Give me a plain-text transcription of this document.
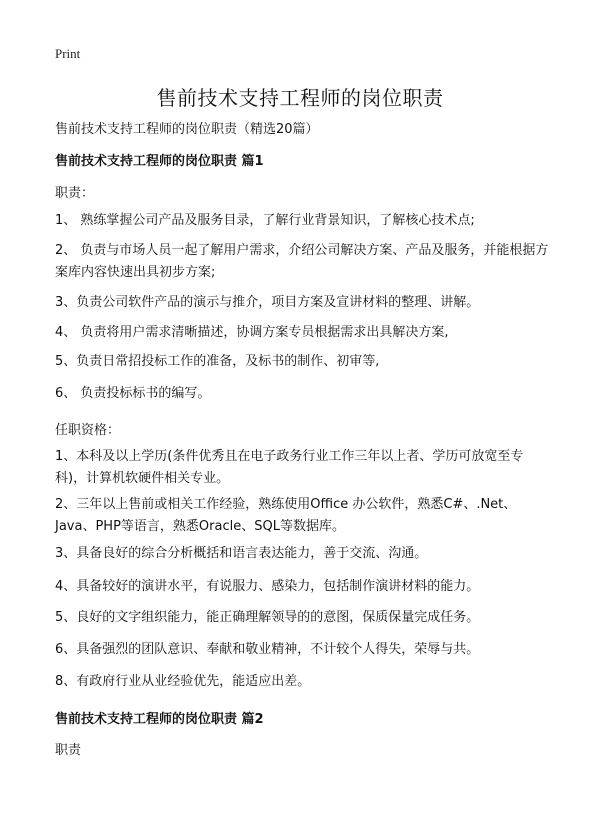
Print
售前技术支持工程师的岗位职责
售前技术支持工程师的岗位职责（精选20篇）
售前技术支持工程师的岗位职责 篇1
职责：
1、 熟练掌握公司产品及服务目录，了解行业背景知识，了解核心技术点;
2、 负责与市场人员一起了解用户需求，介绍公司解决方案、产品及服务，并能根据方案库内容快速出具初步方案;
3、负责公司软件产品的演示与推介，项目方案及宣讲材料的整理、讲解。
4、 负责将用户需求清晰描述，协调方案专员根据需求出具解决方案,
5、负责日常招投标工作的准备，及标书的制作、初审等,
6、 负责投标标书的编写。
任职资格：
1、本科及以上学历(条件优秀且在电子政务行业工作三年以上者、学历可放宽至专科)，计算机软硬件相关专业。
2、三年以上售前或相关工作经验，熟练使用Office 办公软件，熟悉C#、.Net、Java、PHP等语言，熟悉Oracle、SQL等数据库。
3、具备良好的综合分析概括和语言表达能力，善于交流、沟通。
4、具备较好的演讲水平，有说服力、感染力，包括制作演讲材料的能力。
5、良好的文字组织能力，能正确理解领导的的意图，保质保量完成任务。
6、具备强烈的团队意识、奉献和敬业精神，不计较个人得失，荣辱与共。
8、有政府行业从业经验优先，能适应出差。
售前技术支持工程师的岗位职责 篇2
职责
